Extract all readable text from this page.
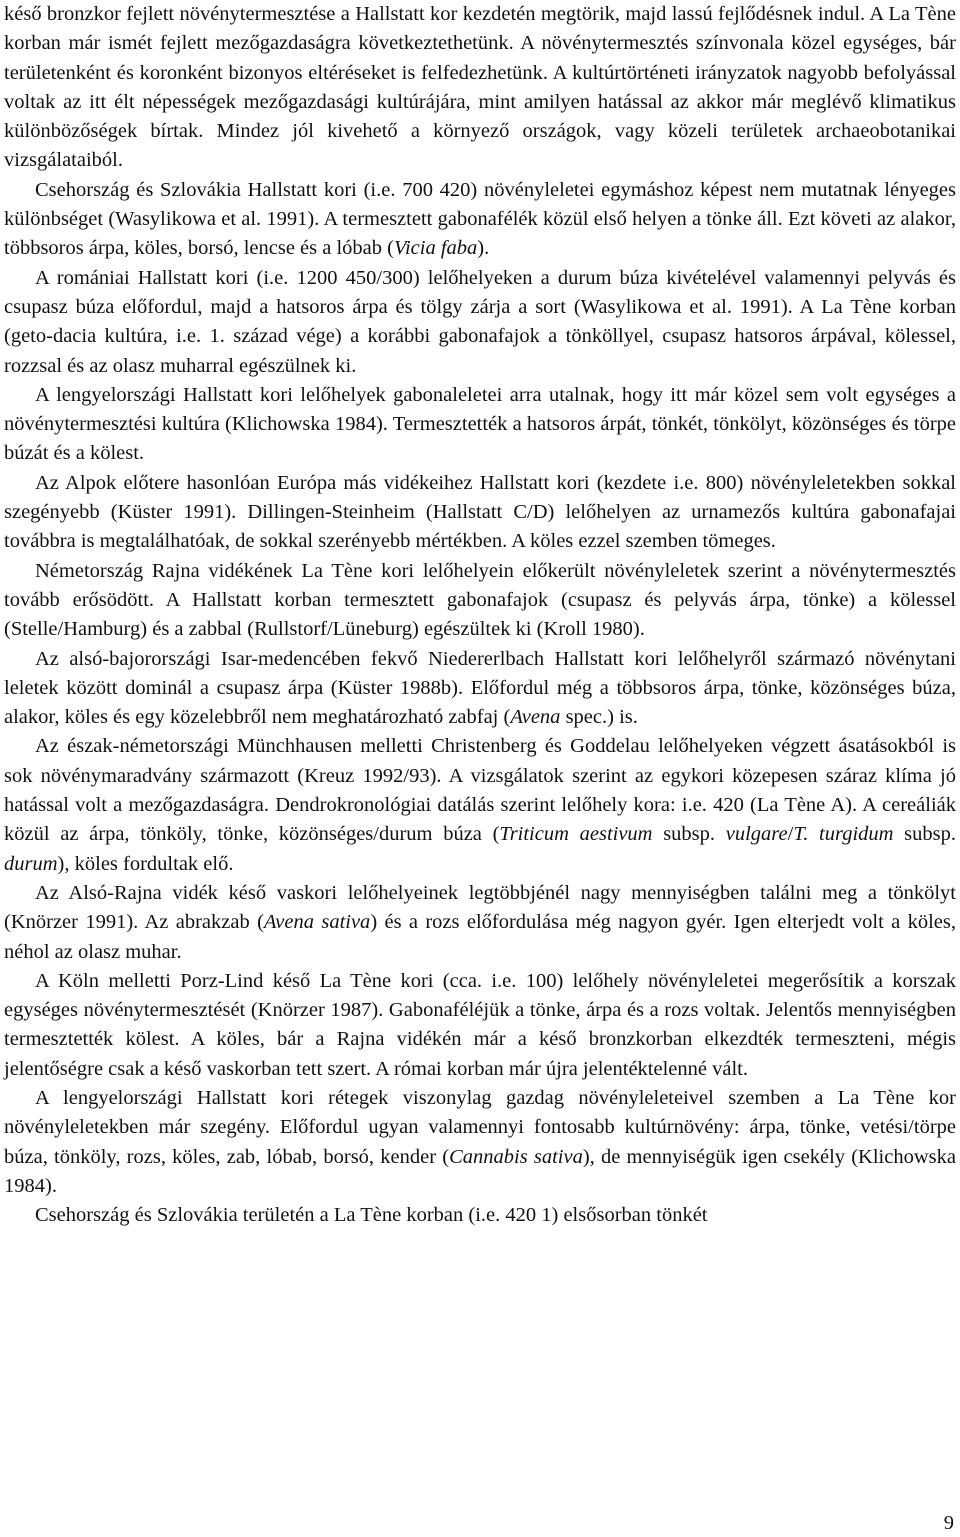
késő bronzkor fejlett növénytermesztése a Hallstatt kor kezdetén megtörik, majd lassú fejlődésnek indul. A La Tène korban már ismét fejlett mezőgazdaságra következtethetünk. A növénytermesztés színvonala közel egységes, bár területenként és koronként bizonyos eltéréseket is felfedezhetünk. A kultúrtörténeti irányzatok nagyobb befolyással voltak az itt élt népességek mezőgazdasági kultúrájára, mint amilyen hatással az akkor már meglévő klimatikus különbözőségek bírtak. Mindez jól kivehető a környező országok, vagy közeli területek archaeobotanikai vizsgálataiból.

Csehország és Szlovákia Hallstatt kori (i.e. 700 420) növényleletei egymáshoz képest nem mutatnak lényeges különbséget (Wasylikowa et al. 1991). A termesztett gabonafélék közül első helyen a tönke áll. Ezt követi az alakor, többsoros árpa, köles, borsó, lencse és a lóbab (Vicia faba).

A romániai Hallstatt kori (i.e. 1200 450/300) lelőhelyeken a durum búza kivételével valamennyi pelyvás és csupasz búza előfordul, majd a hatsoros árpa és tölgy zárja a sort (Wasylikowa et al. 1991). A La Tène korban (geto-dacia kultúra, i.e. 1. század vége) a korábbi gabonafajok a tönköllyel, csupasz hatsoros árpával, kölessel, rozzsal és az olasz muharral egészülnek ki.

A lengyelországi Hallstatt kori lelőhelyek gabonaleletei arra utalnak, hogy itt már közel sem volt egységes a növénytermesztési kultúra (Klichowska 1984). Termesztették a hatsoros árpát, tönkét, tönkölyt, közönséges és törpe búzát és a kölest.

Az Alpok előtere hasonlóan Európa más vidékeihez Hallstatt kori (kezdete i.e. 800) növényleletekben sokkal szegényebb (Küster 1991). Dillingen-Steinheim (Hallstatt C/D) lelőhelyen az urnamezős kultúra gabonafajai továbbra is megtalálhatóak, de sokkal szerényebb mértékben. A köles ezzel szemben tömeges.

Németország Rajna vidékének La Tène kori lelőhelyein előkerült növényleletek szerint a növénytermesztés tovább erősödött. A Hallstatt korban termesztett gabonafajok (csupasz és pelyvás árpa, tönke) a kölessel (Stelle/Hamburg) és a zabbal (Rullstorf/Lüneburg) egészültek ki (Kroll 1980).

Az alsó-bajorországi Isar-medencében fekvő Niedererlbach Hallstatt kori lelőhelyről származó növénytani leletek között dominál a csupasz árpa (Küster 1988b). Előfordul még a többsoros árpa, tönke, közönséges búza, alakor, köles és egy közelebbről nem meghatározható zabfaj (Avena spec.) is.

Az észak-németországi Münchhausen melletti Christenberg és Goddelau lelőhelyeken végzett ásatásokból is sok növénymaradvány származott (Kreuz 1992/93). A vizsgálatok szerint az egykori közepesen száraz klíma jó hatással volt a mezőgazdaságra. Dendrokronológiai datálás szerint lelőhely kora: i.e. 420 (La Tène A). A cereáliák közül az árpa, tönköly, tönke, közönséges/durum búza (Triticum aestivum subsp. vulgare/T. turgidum subsp. durum), köles fordultak elő.

Az Alsó-Rajna vidék késő vaskori lelőhelyeinek legtöbbjénél nagy mennyiségben találni meg a tönkölyt (Knörzer 1991). Az abrakzab (Avena sativa) és a rozs előfordulása még nagyon gyér. Igen elterjedt volt a köles, néhol az olasz muhar.

A Köln melletti Porz-Lind késő La Tène kori (cca. i.e. 100) lelőhely növényleletei megerősítik a korszak egységes növénytermesztését (Knörzer 1987). Gabonaféléjük a tönke, árpa és a rozs voltak. Jelentős mennyiségben termesztették kölest. A köles, bár a Rajna vidékén már a késő bronzkorban elkezdték termeszteni, mégis jelentőségre csak a késő vaskorban tett szert. A római korban már újra jelentéktelenné vált.

A lengyelországi Hallstatt kori rétegek viszonylag gazdag növényleleteivel szemben a La Tène kor növényleletekben már szegény. Előfordul ugyan valamennyi fontosabb kultúrnövény: árpa, tönke, vetési/törpe búza, tönköly, rozs, köles, zab, lóbab, borsó, kender (Cannabis sativa), de mennyiségük igen csekély (Klichowska 1984).

Csehország és Szlovákia területén a La Tène korban (i.e. 420 1) elsősorban tönkét

9
